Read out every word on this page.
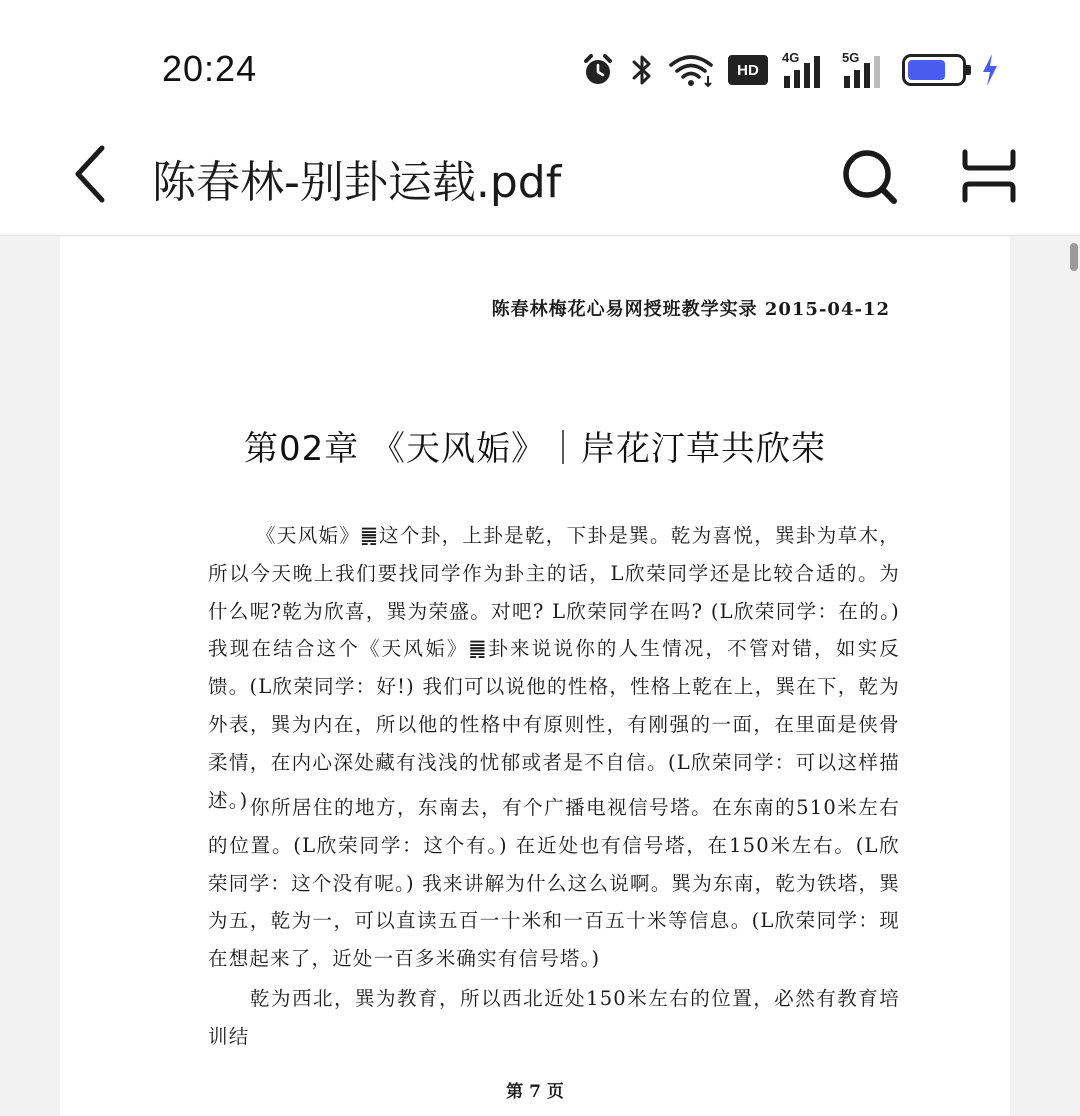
20:24	HD
4G	5G
陈春林-别卦运载.pdf
陈春林梅花心易网授班教学实录 2015-04-12
第02章 《天风姤》｜岸花汀草共欣荣

《天风姤》䷫这个卦，上卦是乾，下卦是巽。乾为喜悦，巽卦为草木，所以今天晚上我们要找同学作为卦主的话，L欣荣同学还是比较合适的。为什么呢?乾为欣喜，巽为荣盛。对吧? L欣荣同学在吗? (L欣荣同学：在的。) 我现在结合这个《天风姤》䷫卦来说说你的人生情况，不管对错，如实反馈。(L欣荣同学：好!) 我们可以说他的性格，性格上乾在上，巽在下，乾为外表，巽为内在，所以他的性格中有原则性，有刚强的一面，在里面是侠骨柔情，在内心深处藏有浅浅的忧郁或者是不自信。(L欣荣同学：可以这样描述。) 你所居住的地方，东南去，有个广播电视信号塔。在东南的510米左右的位置。(L欣荣同学：这个有。) 在近处也有信号塔，在150米左右。(L欣荣同学：这个没有呢。) 我来讲解为什么这么说啊。巽为东南，乾为铁塔，巽为五，乾为一，可以直读五百一十米和一百五十米等信息。(L欣荣同学：现在想起来了，近处一百多米确实有信号塔。)

乾为西北，巽为教育，所以西北近处150米左右的位置，必然有教育培训结

第 7 页
